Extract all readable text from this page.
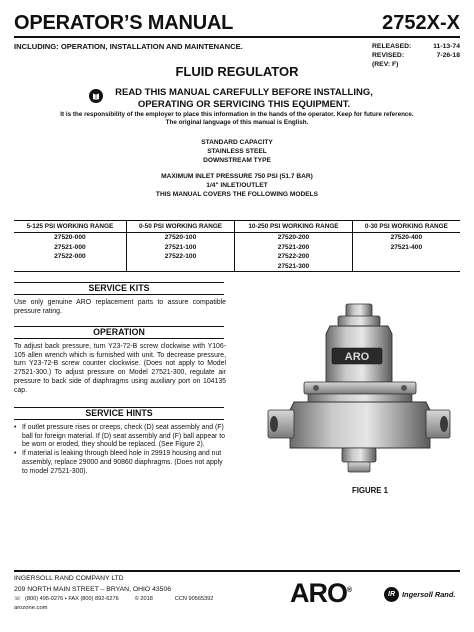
OPERATOR’S MANUAL	2752X-X
INCLUDING: OPERATION, INSTALLATION AND MAINTENANCE.	RELEASED:	11-13-74
REVISED:	7-26-18
(REV: F)
FLUID REGULATOR
READ THIS MANUAL CAREFULLY BEFORE INSTALLING,
OPERATING OR SERVICING THIS EQUIPMENT.
It is the responsibility of the employer to place this information in the hands of the operator. Keep for future reference.
The original language of this manual is English.
STANDARD CAPACITY
STAINLESS STEEL
DOWNSTREAM TYPE
MAXIMUM INLET PRESSURE 750 PSI (51.7 BAR)
1/4" INLET/OUTLET
THIS MANUAL COVERS THE FOLLOWING MODELS
5-125 PSI WORKING RANGE	0-50 PSI WORKING RANGE	10-250 PSI WORKING RANGE	0-30 PSI WORKING RANGE
27520-000	27520-100	27520-200	27520-400
27521-000	27521-100	27521-200	27521-400
27522-000	27522-100	27522-200	
		27521-300	
SERVICE KITS
Use only genuine ARO replacement parts to assure compatible pressure rating.
OPERATION
To adjust back pressure, turn Y23-72-B screw clockwise with Y106-105 allen wrench which is furnished with unit. To decrease pressure, turn Y23-72-B screw counter clockwise. (Does not apply to Model 27521-300.) To adjust pressure on Model 27521-300, regulate air pressure to back side of diaphragms using auxiliary port on 104135 cap.
SERVICE HINTS
• If outlet pressure rises or creeps, check (D) seat assembly and (F) ball for foreign material. If (D) seat assembly and (F) ball appear to be worn or eroded, they should be replaced. (See Figure 2).
• If material is leaking through bleed hole in 29919 housing and nut assembly, replace 29000 and 90860 diaphragms. (Does not apply to model 27521-300).
ARO
FIGURE 1
INGERSOLL RAND COMPANY LTD
209 NORTH MAIN STREET – BRYAN, OHIO 43506
☏ (800) 495-0276 • FAX (800) 892-6276	© 2018	CCN 90565392
arozone.com	ARO®
IR Ingersoll Rand.
